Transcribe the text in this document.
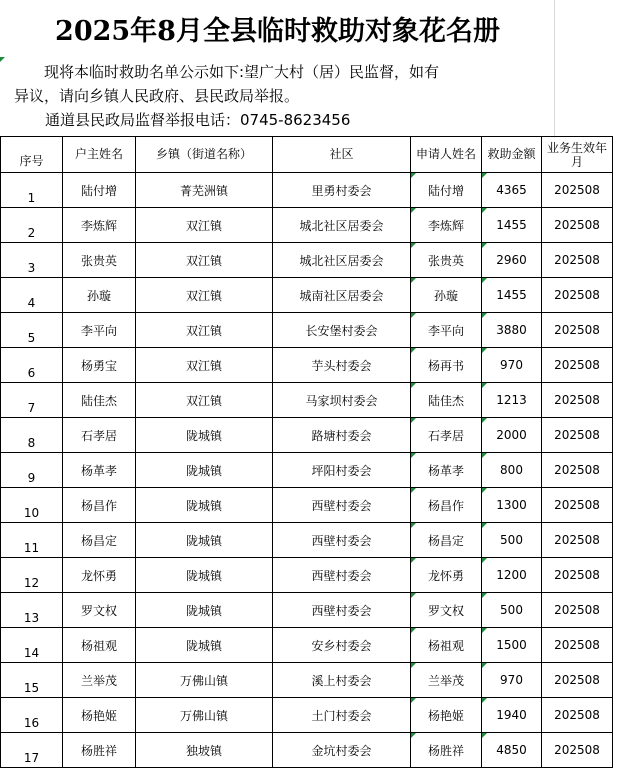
2025年8月全县临时救助对象花名册
现将本临时救助名单公示如下:望广大村（居）民监督，如有
异议，请向乡镇人民政府、县民政局举报。
通道县民政局监督举报电话：0745-8623456
序号	户主姓名	乡镇（街道名称）	社区	申请人姓名	救助金额	业务生效年月
1	陆付增	菁芜洲镇	里勇村委会	陆付增	4365	202508
2	李炼辉	双江镇	城北社区居委会	李炼辉	1455	202508
3	张贵英	双江镇	城北社区居委会	张贵英	2960	202508
4	孙璇	双江镇	城南社区居委会	孙璇	1455	202508
5	李平向	双江镇	长安堡村委会	李平向	3880	202508
6	杨勇宝	双江镇	芋头村委会	杨再书	970	202508
7	陆佳杰	双江镇	马家坝村委会	陆佳杰	1213	202508
8	石孝居	陇城镇	路塘村委会	石孝居	2000	202508
9	杨革孝	陇城镇	坪阳村委会	杨革孝	800	202508
10	杨昌作	陇城镇	西壁村委会	杨昌作	1300	202508
11	杨昌定	陇城镇	西壁村委会	杨昌定	500	202508
12	龙怀勇	陇城镇	西壁村委会	龙怀勇	1200	202508
13	罗文权	陇城镇	西壁村委会	罗文权	500	202508
14	杨祖观	陇城镇	安乡村委会	杨祖观	1500	202508
15	兰举茂	万佛山镇	溪上村委会	兰举茂	970	202508
16	杨艳姬	万佛山镇	土门村委会	杨艳姬	1940	202508
17	杨胜祥	独坡镇	金坑村委会	杨胜祥	4850	202508
